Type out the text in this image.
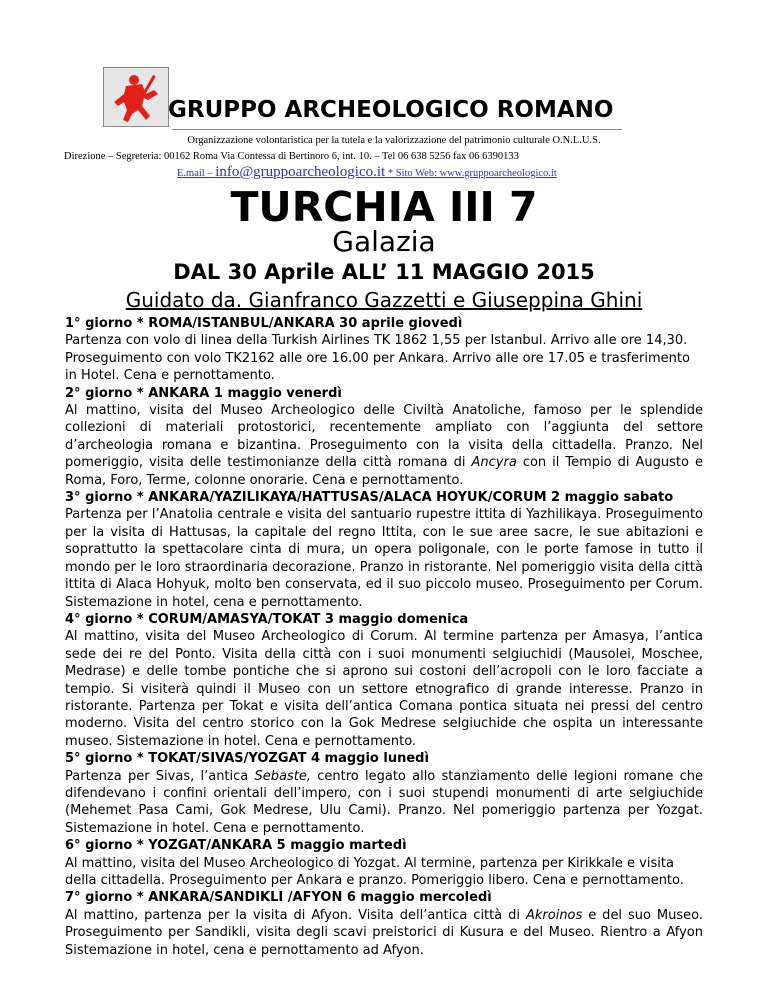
GRUPPO ARCHEOLOGICO ROMANO
Organizzazione volontaristica per la tutela e la valorizzazione del patrimonio culturale O.N.L.U.S.
Direzione – Segreteria: 00162 Roma Via Contessa di Bertinoro 6, int. 10. – Tel 06 638 5256 fax 06 6390133
E.mail – info@gruppoarcheologico.it * Sito Web: www.gruppoarcheologico.it
TURCHIA III 7
Galazia
DAL 30 Aprile ALL’ 11 MAGGIO 2015
Guidato da. Gianfranco Gazzetti e Giuseppina Ghini

1° giorno * ROMA/ISTANBUL/ANKARA 30 aprile giovedì

Partenza con volo di linea della Turkish Airlines TK 1862 1,55 per Istanbul. Arrivo alle ore 14,30. Proseguimento con volo TK2162 alle ore 16.00 per Ankara. Arrivo alle ore 17.05 e trasferimento in Hotel. Cena e pernottamento.

2° giorno * ANKARA 1 maggio venerdì

Al mattino, visita del Museo Archeologico delle Civiltà Anatoliche, famoso per le splendide collezioni di materiali protostorici, recentemente ampliato con l’aggiunta del settore d’archeologia romana e bizantina. Proseguimento con la visita della cittadella. Pranzo. Nel pomeriggio, visita delle testimonianze della città romana di Ancyra con il Tempio di Augusto e Roma, Foro, Terme, colonne onorarie. Cena e pernottamento.

3° giorno * ANKARA/YAZILIKAYA/HATTUSAS/ALACA HOYUK/CORUM 2 maggio sabato

Partenza per l’Anatolia centrale e visita del santuario rupestre ittita di Yazhilikaya. Proseguimento per la visita di Hattusas, la capitale del regno Ittita, con le sue aree sacre, le sue abitazioni e soprattutto la spettacolare cinta di mura, un opera poligonale, con le porte famose in tutto il mondo per le loro straordinaria decorazione. Pranzo in ristorante. Nel pomeriggio visita della città ittita di Alaca Hohyuk, molto ben conservata, ed il suo piccolo museo. Proseguimento per Corum. Sistemazione in hotel, cena e pernottamento.

4° giorno * CORUM/AMASYA/TOKAT 3 maggio domenica

Al mattino, visita del Museo Archeologico di Corum. Al termine partenza per Amasya, l’antica sede dei re del Ponto. Visita della città con i suoi monumenti selgiuchidi (Mausolei, Moschee, Medrase) e delle tombe pontiche che si aprono sui costoni dell’acropoli con le loro facciate a tempio. Si visiterà quindi il Museo con un settore etnografico di grande interesse. Pranzo in ristorante. Partenza per Tokat e visita dell’antica Comana pontica situata nei pressi del centro moderno. Visita del centro storico con la Gok Medrese selgiuchide che ospita un interessante museo. Sistemazione in hotel. Cena e pernottamento.

5° giorno * TOKAT/SIVAS/YOZGAT 4 maggio lunedì

Partenza per Sivas, l’antica Sebaste, centro legato allo stanziamento delle legioni romane che difendevano i confini orientali dell’impero, con i suoi stupendi monumenti di arte selgiuchide (Mehemet Pasa Cami, Gok Medrese, Ulu Cami). Pranzo. Nel pomeriggio partenza per Yozgat. Sistemazione in hotel. Cena e pernottamento.

6° giorno * YOZGAT/ANKARA 5 maggio martedì

Al mattino, visita del Museo Archeologico di Yozgat. Al termine, partenza per Kirikkale e visita della cittadella. Proseguimento per Ankara e pranzo. Pomeriggio libero. Cena e pernottamento.

7° giorno * ANKARA/SANDIKLI /AFYON 6 maggio mercoledì

Al mattino, partenza per la visita di Afyon. Visita dell’antica città di Akroinos e del suo Museo. Proseguimento per Sandikli, visita degli scavi preistorici di Kusura e del Museo. Rientro a Afyon Sistemazione in hotel, cena e pernottamento ad Afyon.
